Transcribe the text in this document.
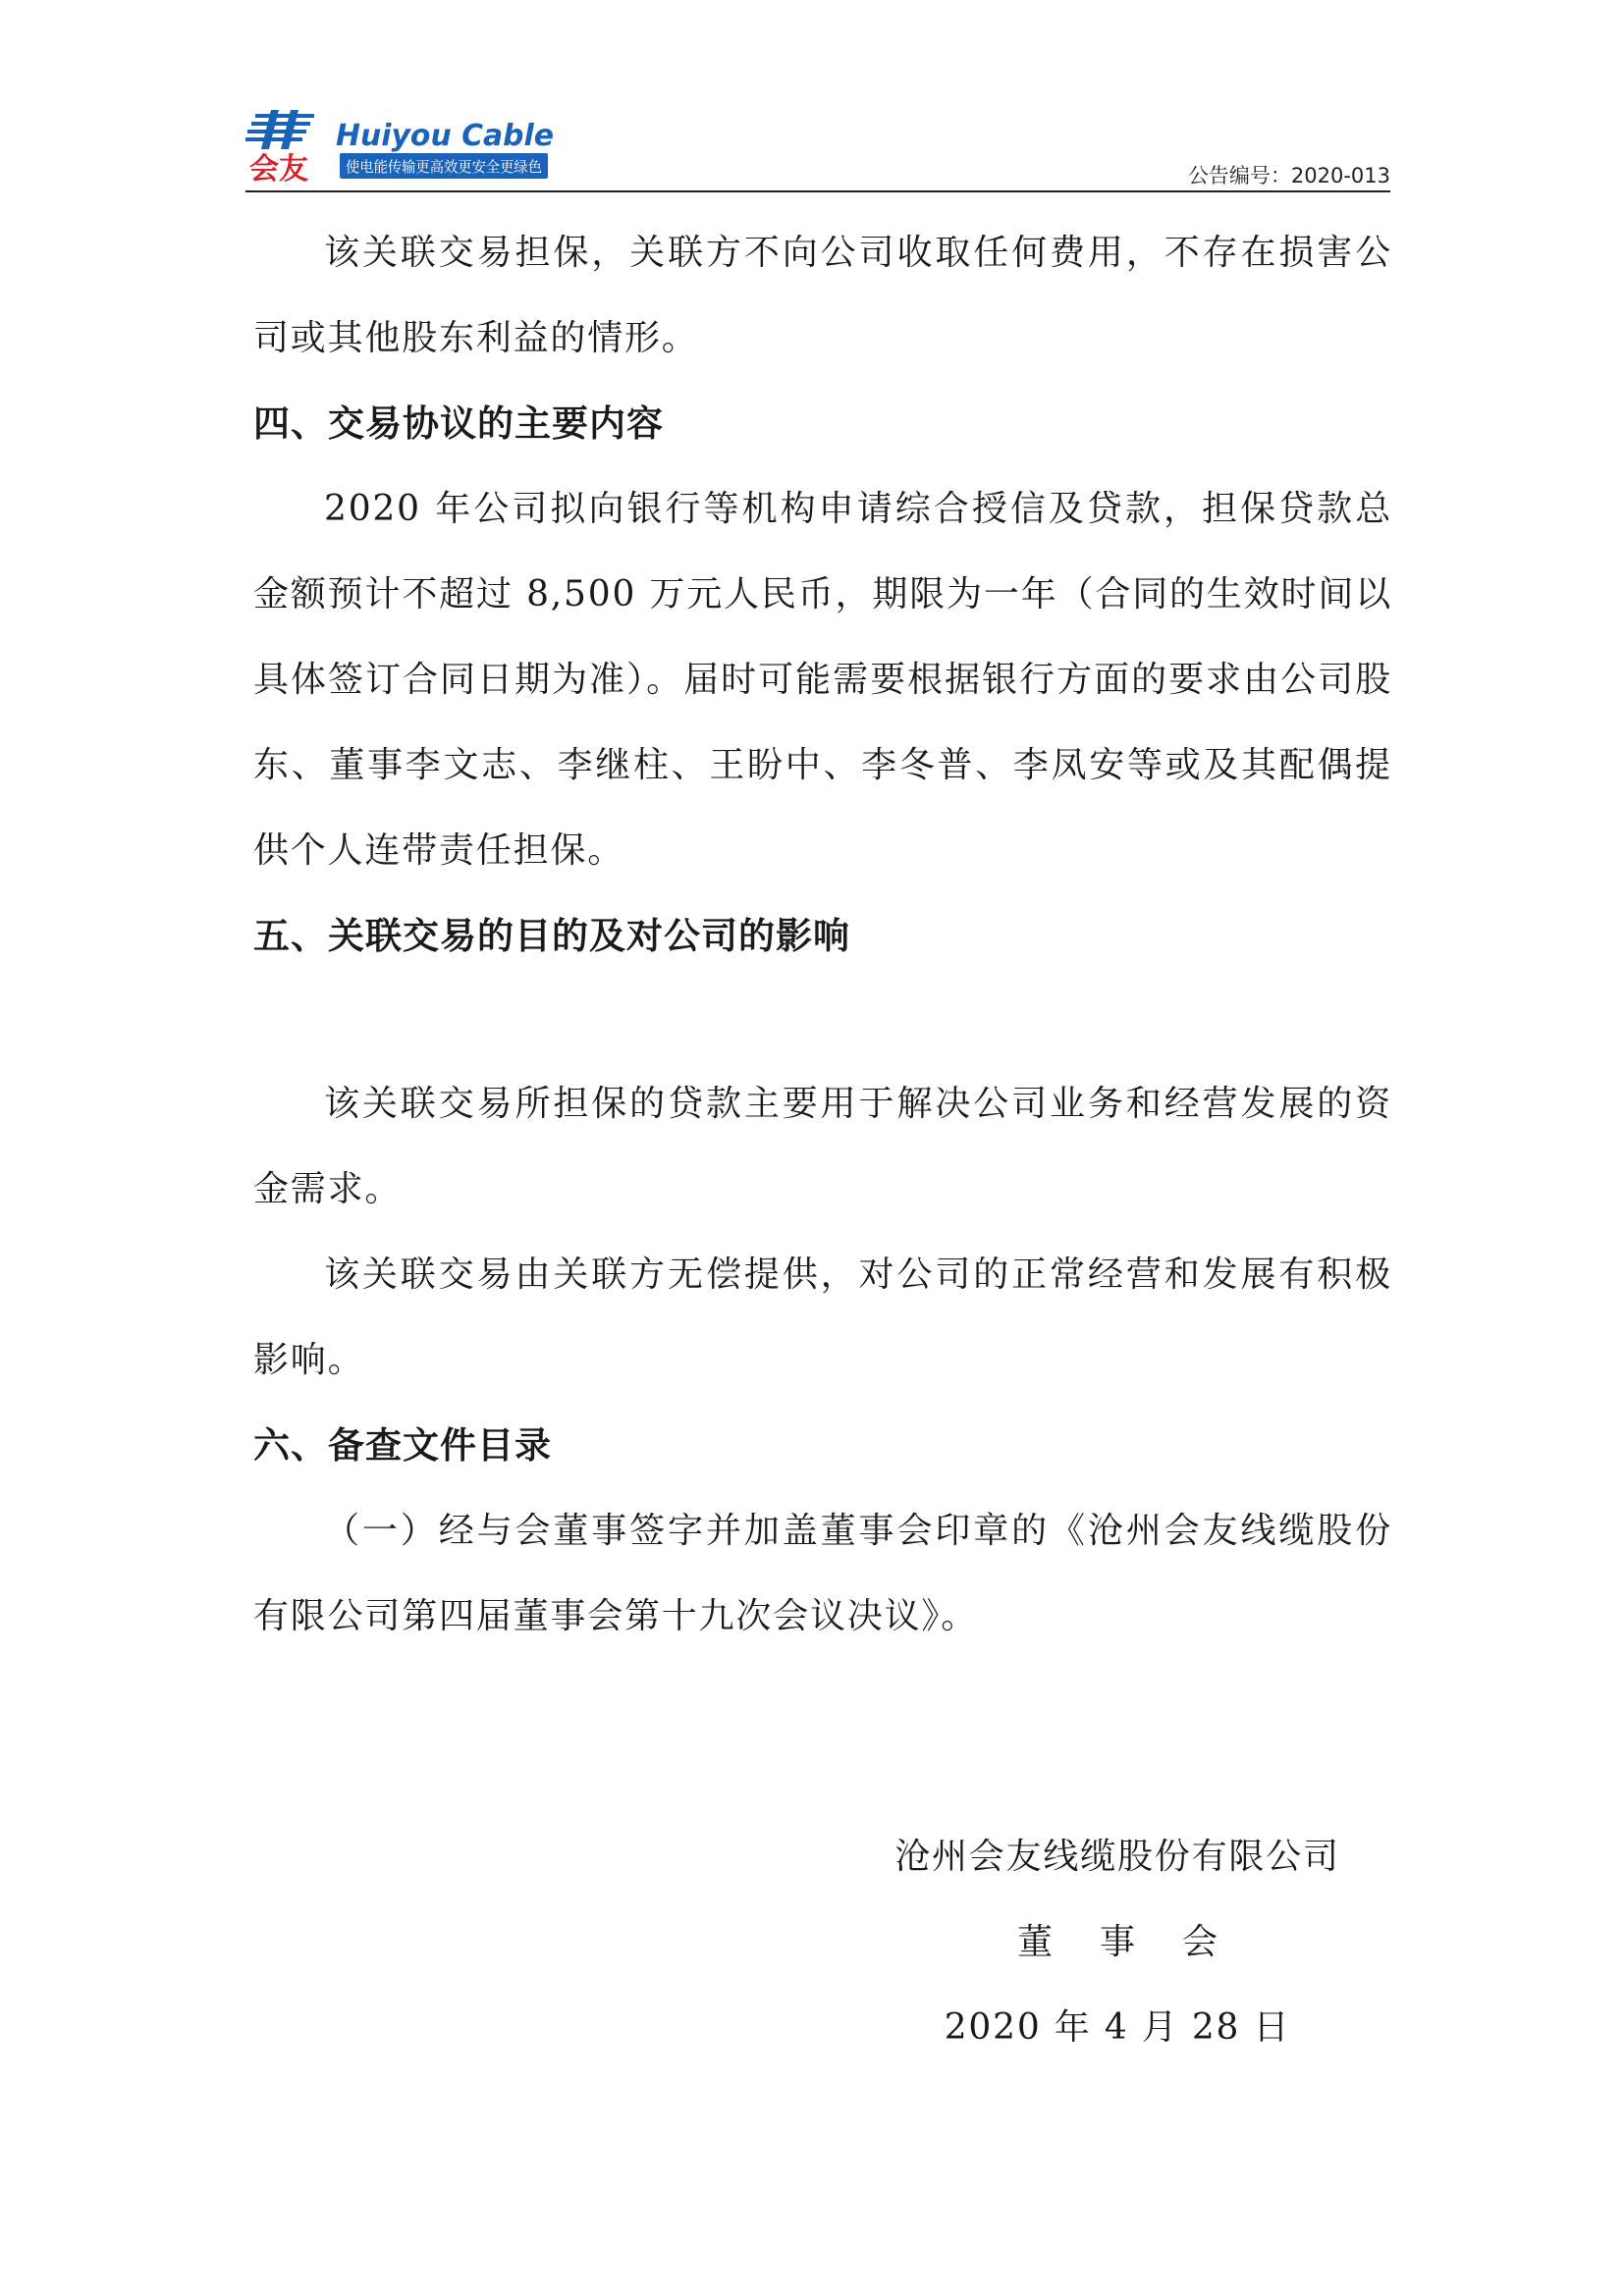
会友
Huiyou Cable
使电能传输更高效更安全更绿色	公告编号：2020-013

该关联交易担保，关联方不向公司收取任何费用，不存在损害公司或其他股东利益的情形。

四、交易协议的主要内容

2020 年公司拟向银行等机构申请综合授信及贷款，担保贷款总金额预计不超过 8,500 万元人民币，期限为一年（合同的生效时间以具体签订合同日期为准）。届时可能需要根据银行方面的要求由公司股东、董事李文志、李继柱、王盼中、李冬普、李凤安等或及其配偶提供个人连带责任担保。

五、关联交易的目的及对公司的影响

该关联交易所担保的贷款主要用于解决公司业务和经营发展的资金需求。

该关联交易由关联方无偿提供，对公司的正常经营和发展有积极影响。

六、备查文件目录

（一）经与会董事签字并加盖董事会印章的《沧州会友线缆股份有限公司第四届董事会第十九次会议决议》。

沧州会友线缆股份有限公司
董事会
2020 年 4 月 28 日
